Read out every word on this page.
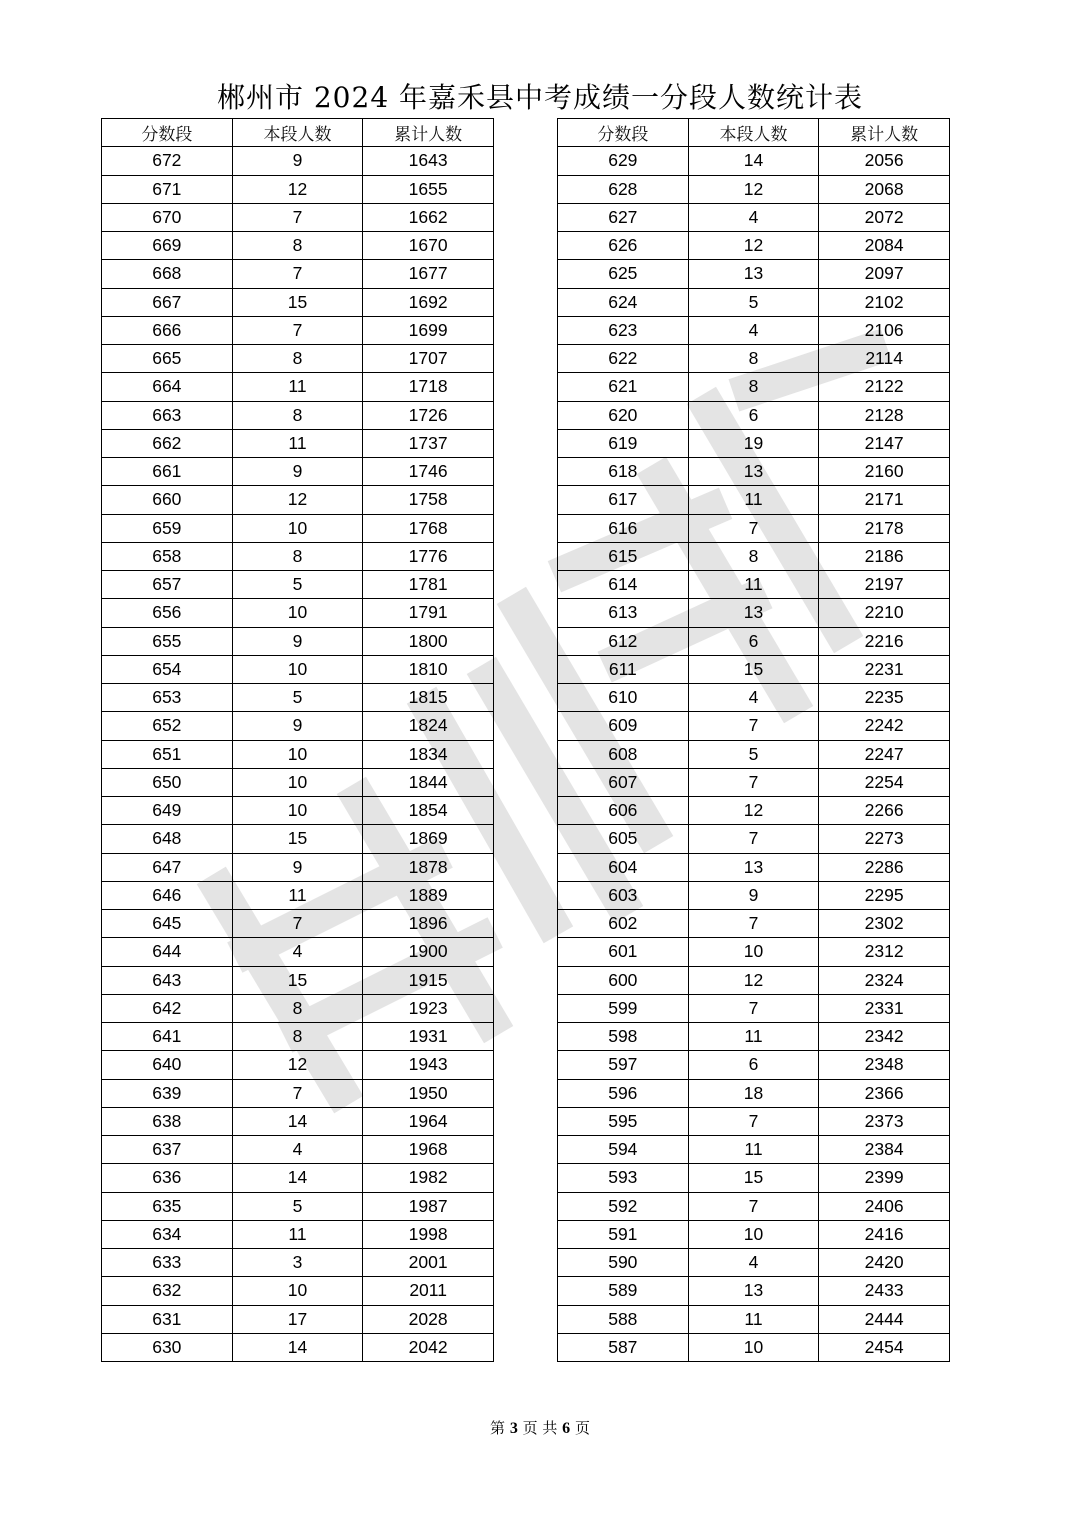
郴州市 2024 年嘉禾县中考成绩一分段人数统计表
分数段	本段人数	累计人数
672	9	1643
671	12	1655
670	7	1662
669	8	1670
668	7	1677
667	15	1692
666	7	1699
665	8	1707
664	11	1718
663	8	1726
662	11	1737
661	9	1746
660	12	1758
659	10	1768
658	8	1776
657	5	1781
656	10	1791
655	9	1800
654	10	1810
653	5	1815
652	9	1824
651	10	1834
650	10	1844
649	10	1854
648	15	1869
647	9	1878
646	11	1889
645	7	1896
644	4	1900
643	15	1915
642	8	1923
641	8	1931
640	12	1943
639	7	1950
638	14	1964
637	4	1968
636	14	1982
635	5	1987
634	11	1998
633	3	2001
632	10	2011
631	17	2028
630	14	2042
分数段	本段人数	累计人数
629	14	2056
628	12	2068
627	4	2072
626	12	2084
625	13	2097
624	5	2102
623	4	2106
622	8	2114
621	8	2122
620	6	2128
619	19	2147
618	13	2160
617	11	2171
616	7	2178
615	8	2186
614	11	2197
613	13	2210
612	6	2216
611	15	2231
610	4	2235
609	7	2242
608	5	2247
607	7	2254
606	12	2266
605	7	2273
604	13	2286
603	9	2295
602	7	2302
601	10	2312
600	12	2324
599	7	2331
598	11	2342
597	6	2348
596	18	2366
595	7	2373
594	11	2384
593	15	2399
592	7	2406
591	10	2416
590	4	2420
589	13	2433
588	11	2444
587	10	2454
第 3 页 共 6 页
